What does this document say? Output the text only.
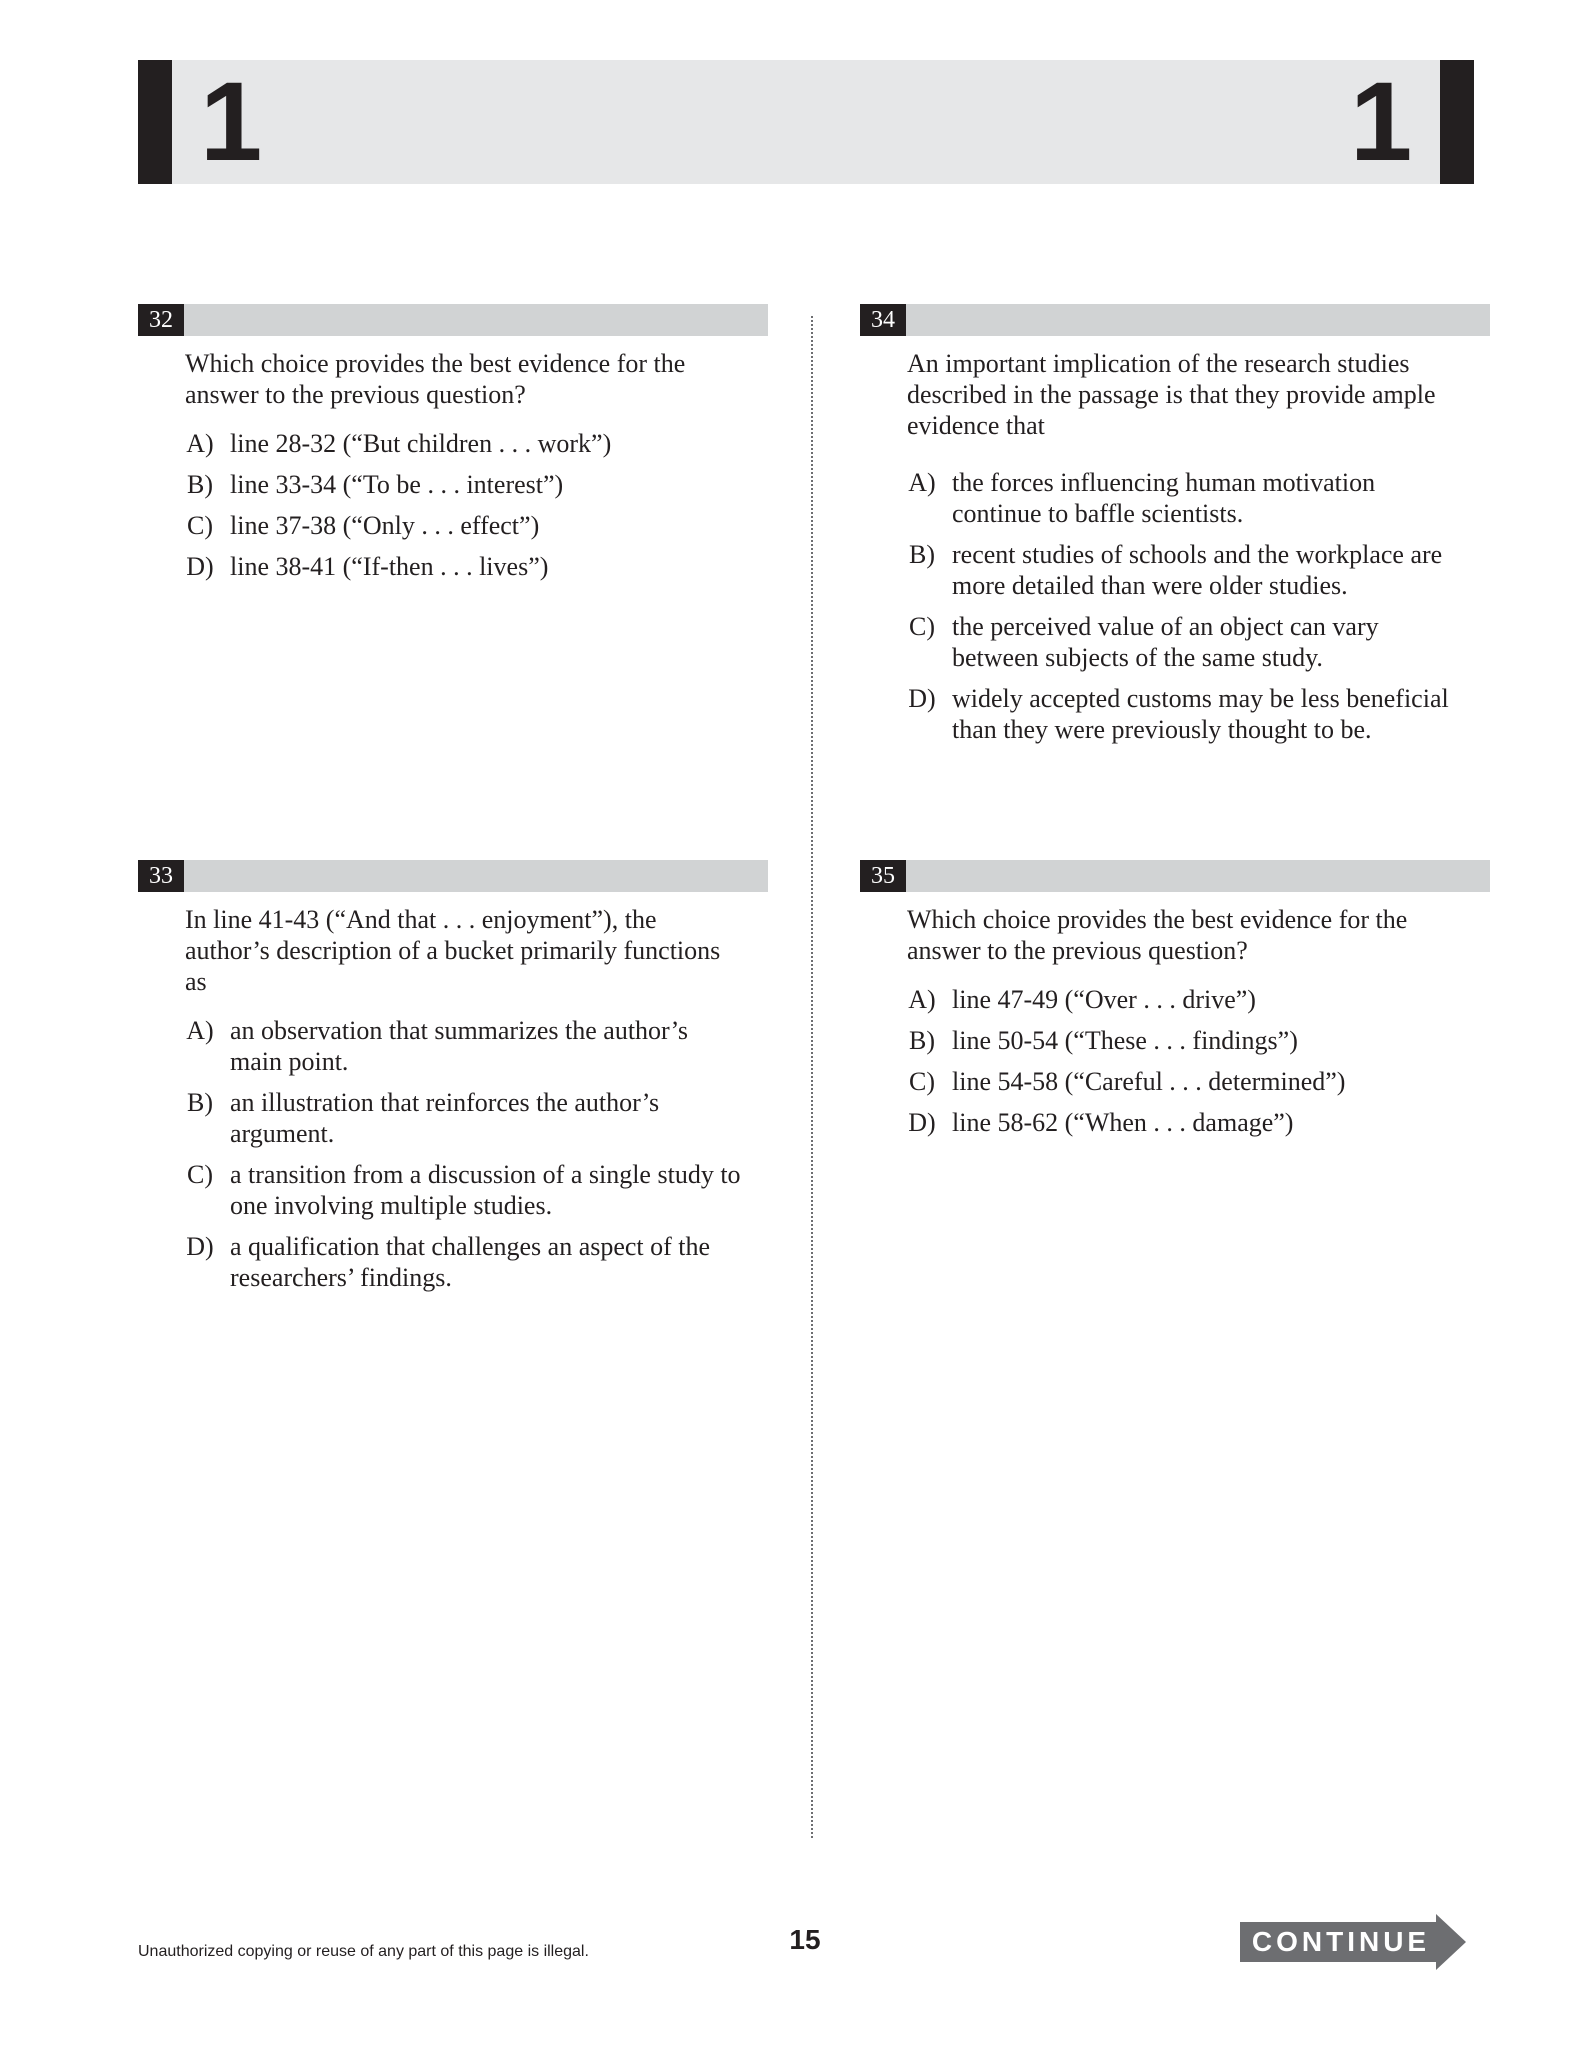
1	1
32
Which choice provides the best evidence for the answer to the previous question?
A) line 28-32 (“But children . . . work”)
B) line 33-34 (“To be . . . interest”)
C) line 37-38 (“Only . . . effect”)
D) line 38-41 (“If-then . . . lives”)
33
In line 41-43 (“And that . . . enjoyment”), the author’s description of a bucket primarily functions as
A) an observation that summarizes the author’s main point.
B) an illustration that reinforces the author’s argument.
C) a transition from a discussion of a single study to one involving multiple studies.
D) a qualification that challenges an aspect of the researchers’ findings.
34
An important implication of the research studies described in the passage is that they provide ample evidence that
A) the forces influencing human motivation continue to baffle scientists.
B) recent studies of schools and the workplace are more detailed than were older studies.
C) the perceived value of an object can vary between subjects of the same study.
D) widely accepted customs may be less beneficial than they were previously thought to be.
35
Which choice provides the best evidence for the answer to the previous question?
A) line 47-49 (“Over . . . drive”)
B) line 50-54 (“These . . . findings”)
C) line 54-58 (“Careful . . . determined”)
D) line 58-62 (“When . . . damage”)
Unauthorized copying or reuse of any part of this page is illegal.	15	CONTINUE
